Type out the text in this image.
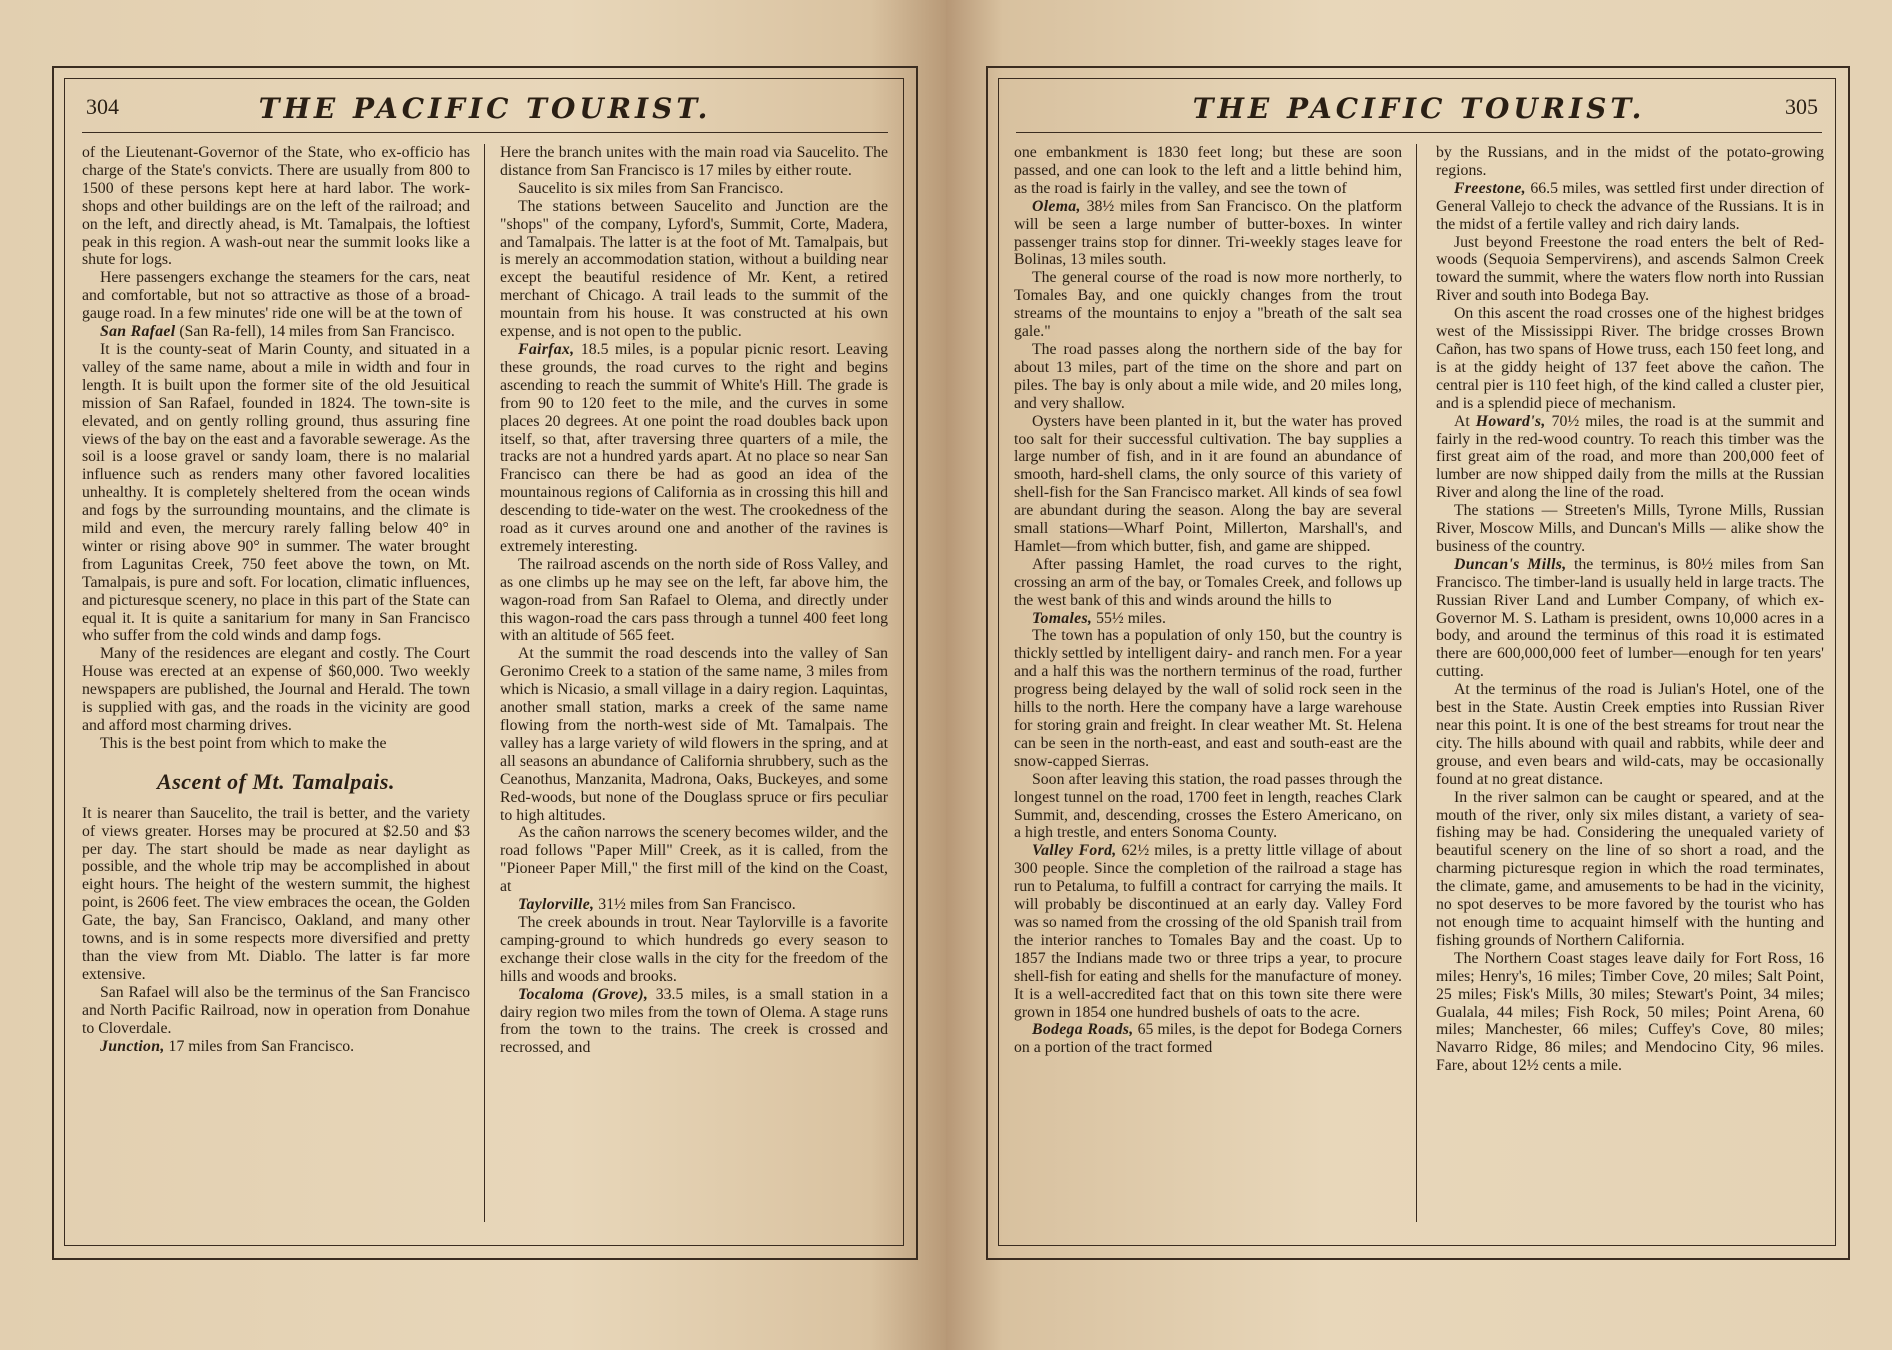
304	THE PACIFIC TOURIST.

of the Lieutenant-Governor of the State, who ex-officio has charge of the State's convicts. There are usually from 800 to 1500 of these persons kept here at hard labor. The work-shops and other buildings are on the left of the railroad; and on the left, and directly ahead, is Mt. Tamalpais, the loftiest peak in this region. A wash-out near the summit looks like a shute for logs.

Here passengers exchange the steamers for the cars, neat and comfortable, but not so attractive as those of a broad-gauge road. In a few minutes' ride one will be at the town of

San Rafael (San Ra-fell), 14 miles from San Francisco.

It is the county-seat of Marin County, and situated in a valley of the same name, about a mile in width and four in length. It is built upon the former site of the old Jesuitical mission of San Rafael, founded in 1824. The town-site is elevated, and on gently rolling ground, thus assuring fine views of the bay on the east and a favorable sewerage. As the soil is a loose gravel or sandy loam, there is no malarial influence such as renders many other favored localities unhealthy. It is completely sheltered from the ocean winds and fogs by the surrounding mountains, and the climate is mild and even, the mercury rarely falling below 40° in winter or rising above 90° in summer. The water brought from Lagunitas Creek, 750 feet above the town, on Mt. Tamalpais, is pure and soft. For location, climatic influences, and picturesque scenery, no place in this part of the State can equal it. It is quite a sanitarium for many in San Francisco who suffer from the cold winds and damp fogs.

Many of the residences are elegant and costly. The Court House was erected at an expense of $60,000. Two weekly newspapers are published, the Journal and Herald. The town is supplied with gas, and the roads in the vicinity are good and afford most charming drives.

This is the best point from which to make the

Ascent of Mt. Tamalpais.

It is nearer than Saucelito, the trail is better, and the variety of views greater. Horses may be procured at $2.50 and $3 per day. The start should be made as near daylight as possible, and the whole trip may be accomplished in about eight hours. The height of the western summit, the highest point, is 2606 feet. The view embraces the ocean, the Golden Gate, the bay, San Francisco, Oakland, and many other towns, and is in some respects more diversified and pretty than the view from Mt. Diablo. The latter is far more extensive.

San Rafael will also be the terminus of the San Francisco and North Pacific Railroad, now in operation from Donahue to Cloverdale.

Junction, 17 miles from San Francisco.

Here the branch unites with the main road via Saucelito. The distance from San Francisco is 17 miles by either route.

Saucelito is six miles from San Francisco.

The stations between Saucelito and Junction are the "shops" of the company, Lyford's, Summit, Corte, Madera, and Tamalpais. The latter is at the foot of Mt. Tamalpais, but is merely an accommodation station, without a building near except the beautiful residence of Mr. Kent, a retired merchant of Chicago. A trail leads to the summit of the mountain from his house. It was constructed at his own expense, and is not open to the public.

Fairfax, 18.5 miles, is a popular picnic resort. Leaving these grounds, the road curves to the right and begins ascending to reach the summit of White's Hill. The grade is from 90 to 120 feet to the mile, and the curves in some places 20 degrees. At one point the road doubles back upon itself, so that, after traversing three quarters of a mile, the tracks are not a hundred yards apart. At no place so near San Francisco can there be had as good an idea of the mountainous regions of California as in crossing this hill and descending to tide-water on the west. The crookedness of the road as it curves around one and another of the ravines is extremely interesting.

The railroad ascends on the north side of Ross Valley, and as one climbs up he may see on the left, far above him, the wagon-road from San Rafael to Olema, and directly under this wagon-road the cars pass through a tunnel 400 feet long with an altitude of 565 feet.

At the summit the road descends into the valley of San Geronimo Creek to a station of the same name, 3 miles from which is Nicasio, a small village in a dairy region. Laquintas, another small station, marks a creek of the same name flowing from the north-west side of Mt. Tamalpais. The valley has a large variety of wild flowers in the spring, and at all seasons an abundance of California shrubbery, such as the Ceanothus, Manzanita, Madrona, Oaks, Buckeyes, and some Red-woods, but none of the Douglass spruce or firs peculiar to high altitudes.

As the cañon narrows the scenery becomes wilder, and the road follows "Paper Mill" Creek, as it is called, from the "Pioneer Paper Mill," the first mill of the kind on the Coast, at

Taylorville, 31½ miles from San Francisco.

The creek abounds in trout. Near Taylorville is a favorite camping-ground to which hundreds go every season to exchange their close walls in the city for the freedom of the hills and woods and brooks.

Tocaloma (Grove), 33.5 miles, is a small station in a dairy region two miles from the town of Olema. A stage runs from the town to the trains. The creek is crossed and recrossed, and

THE PACIFIC TOURIST.	305

one embankment is 1830 feet long; but these are soon passed, and one can look to the left and a little behind him, as the road is fairly in the valley, and see the town of

Olema, 38½ miles from San Francisco. On the platform will be seen a large number of butter-boxes. In winter passenger trains stop for dinner. Tri-weekly stages leave for Bolinas, 13 miles south.

The general course of the road is now more northerly, to Tomales Bay, and one quickly changes from the trout streams of the mountains to enjoy a "breath of the salt sea gale."

The road passes along the northern side of the bay for about 13 miles, part of the time on the shore and part on piles. The bay is only about a mile wide, and 20 miles long, and very shallow.

Oysters have been planted in it, but the water has proved too salt for their successful cultivation. The bay supplies a large number of fish, and in it are found an abundance of smooth, hard-shell clams, the only source of this variety of shell-fish for the San Francisco market. All kinds of sea fowl are abundant during the season. Along the bay are several small stations—Wharf Point, Millerton, Marshall's, and Hamlet—from which butter, fish, and game are shipped.

After passing Hamlet, the road curves to the right, crossing an arm of the bay, or Tomales Creek, and follows up the west bank of this and winds around the hills to

Tomales, 55½ miles.

The town has a population of only 150, but the country is thickly settled by intelligent dairy- and ranch men. For a year and a half this was the northern terminus of the road, further progress being delayed by the wall of solid rock seen in the hills to the north. Here the company have a large warehouse for storing grain and freight. In clear weather Mt. St. Helena can be seen in the north-east, and east and south-east are the snow-capped Sierras.

Soon after leaving this station, the road passes through the longest tunnel on the road, 1700 feet in length, reaches Clark Summit, and, descending, crosses the Estero Americano, on a high trestle, and enters Sonoma County.

Valley Ford, 62½ miles, is a pretty little village of about 300 people. Since the completion of the railroad a stage has run to Petaluma, to fulfill a contract for carrying the mails. It will probably be discontinued at an early day. Valley Ford was so named from the crossing of the old Spanish trail from the interior ranches to Tomales Bay and the coast. Up to 1857 the Indians made two or three trips a year, to procure shell-fish for eating and shells for the manufacture of money. It is a well-accredited fact that on this town site there were grown in 1854 one hundred bushels of oats to the acre.

Bodega Roads, 65 miles, is the depot for Bodega Corners on a portion of the tract formed

by the Russians, and in the midst of the potato-growing regions.

Freestone, 66.5 miles, was settled first under direction of General Vallejo to check the advance of the Russians. It is in the midst of a fertile valley and rich dairy lands.

Just beyond Freestone the road enters the belt of Red-woods (Sequoia Sempervirens), and ascends Salmon Creek toward the summit, where the waters flow north into Russian River and south into Bodega Bay.

On this ascent the road crosses one of the highest bridges west of the Mississippi River. The bridge crosses Brown Cañon, has two spans of Howe truss, each 150 feet long, and is at the giddy height of 137 feet above the cañon. The central pier is 110 feet high, of the kind called a cluster pier, and is a splendid piece of mechanism.

At Howard's, 70½ miles, the road is at the summit and fairly in the red-wood country. To reach this timber was the first great aim of the road, and more than 200,000 feet of lumber are now shipped daily from the mills at the Russian River and along the line of the road.

The stations — Streeten's Mills, Tyrone Mills, Russian River, Moscow Mills, and Duncan's Mills — alike show the business of the country.

Duncan's Mills, the terminus, is 80½ miles from San Francisco. The timber-land is usually held in large tracts. The Russian River Land and Lumber Company, of which ex-Governor M. S. Latham is president, owns 10,000 acres in a body, and around the terminus of this road it is estimated there are 600,000,000 feet of lumber—enough for ten years' cutting.

At the terminus of the road is Julian's Hotel, one of the best in the State. Austin Creek empties into Russian River near this point. It is one of the best streams for trout near the city. The hills abound with quail and rabbits, while deer and grouse, and even bears and wild-cats, may be occasionally found at no great distance.

In the river salmon can be caught or speared, and at the mouth of the river, only six miles distant, a variety of sea-fishing may be had. Considering the unequaled variety of beautiful scenery on the line of so short a road, and the charming picturesque region in which the road terminates, the climate, game, and amusements to be had in the vicinity, no spot deserves to be more favored by the tourist who has not enough time to acquaint himself with the hunting and fishing grounds of Northern California.

The Northern Coast stages leave daily for Fort Ross, 16 miles; Henry's, 16 miles; Timber Cove, 20 miles; Salt Point, 25 miles; Fisk's Mills, 30 miles; Stewart's Point, 34 miles; Gualala, 44 miles; Fish Rock, 50 miles; Point Arena, 60 miles; Manchester, 66 miles; Cuffey's Cove, 80 miles; Navarro Ridge, 86 miles; and Mendocino City, 96 miles. Fare, about 12½ cents a mile.
